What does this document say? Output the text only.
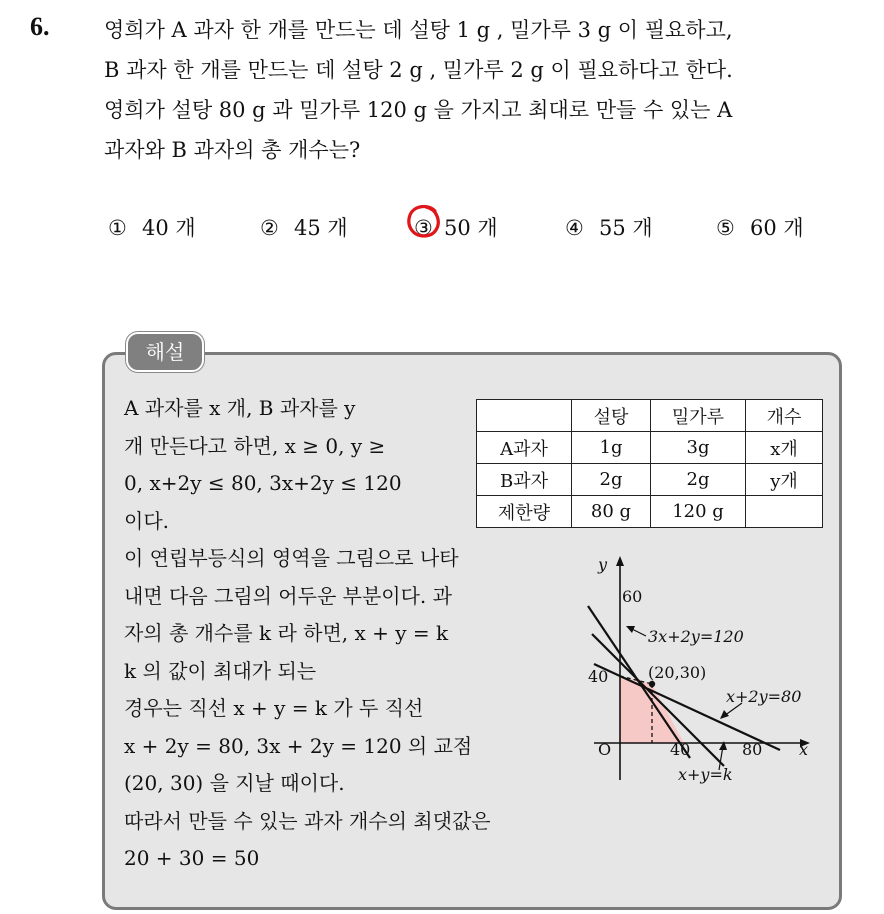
6.	영희가 A 과자 한 개를 만드는 데 설탕 1 g , 밀가루 3 g 이 필요하고,
B 과자 한 개를 만드는 데 설탕 2 g , 밀가루 2 g 이 필요하다고 한다.
영희가 설탕 80 g 과 밀가루 120 g 을 가지고 최대로 만들 수 있는 A
과자와 B 과자의 총 개수는?
① 40 개	② 45 개	③ 50 개	④ 55 개	⑤ 60 개
해설
A 과자를 x 개, B 과자를 y
개 만든다고 하면, x ≥ 0, y ≥
0, x+2y ≤ 80, 3x+2y ≤ 120
이다.
이 연립부등식의 영역을 그림으로 나타
내면 다음 그림의 어두운 부분이다. 과
자의 총 개수를 k 라 하면, x + y = k
k 의 값이 최대가 되는
경우는 직선 x + y = k 가 두 직선
x + 2y = 80, 3x + 2y = 120 의 교점
(20, 30) 을 지날 때이다.
따라서 만들 수 있는 과자 개수의 최댓값은
20 + 30 = 50
	설탕	밀가루	개수
A과자	1g	3g	x개
B과자	2g	2g	y개
제한량	80 g	120 g	
y
60
40
O	40	80 x
3x+2y=120
(20,30)
x+2y=80
x+y=k
